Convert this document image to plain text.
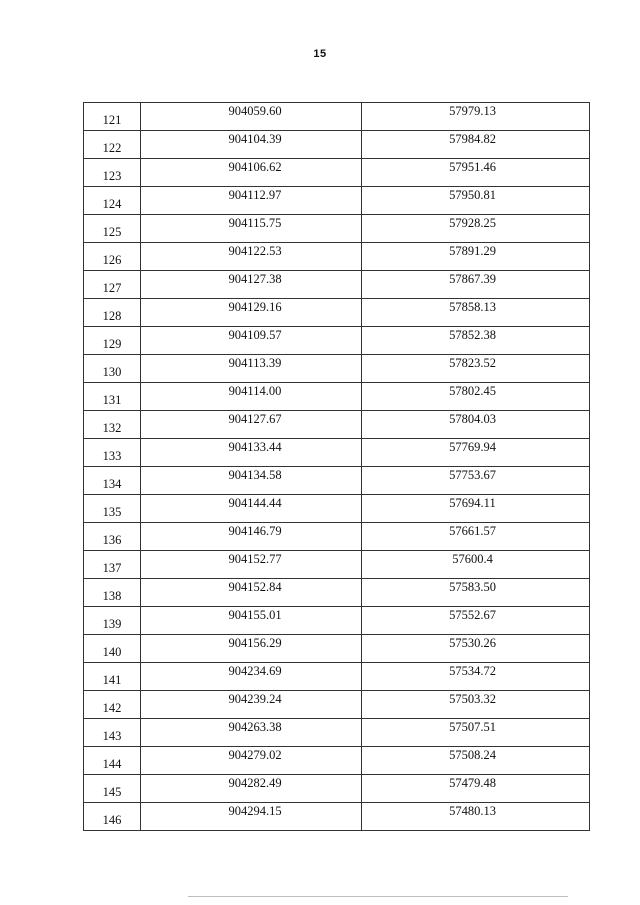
15
121	904059.60	57979.13
122	904104.39	57984.82
123	904106.62	57951.46
124	904112.97	57950.81
125	904115.75	57928.25
126	904122.53	57891.29
127	904127.38	57867.39
128	904129.16	57858.13
129	904109.57	57852.38
130	904113.39	57823.52
131	904114.00	57802.45
132	904127.67	57804.03
133	904133.44	57769.94
134	904134.58	57753.67
135	904144.44	57694.11
136	904146.79	57661.57
137	904152.77	57600.4
138	904152.84	57583.50
139	904155.01	57552.67
140	904156.29	57530.26
141	904234.69	57534.72
142	904239.24	57503.32
143	904263.38	57507.51
144	904279.02	57508.24
145	904282.49	57479.48
146	904294.15	57480.13
